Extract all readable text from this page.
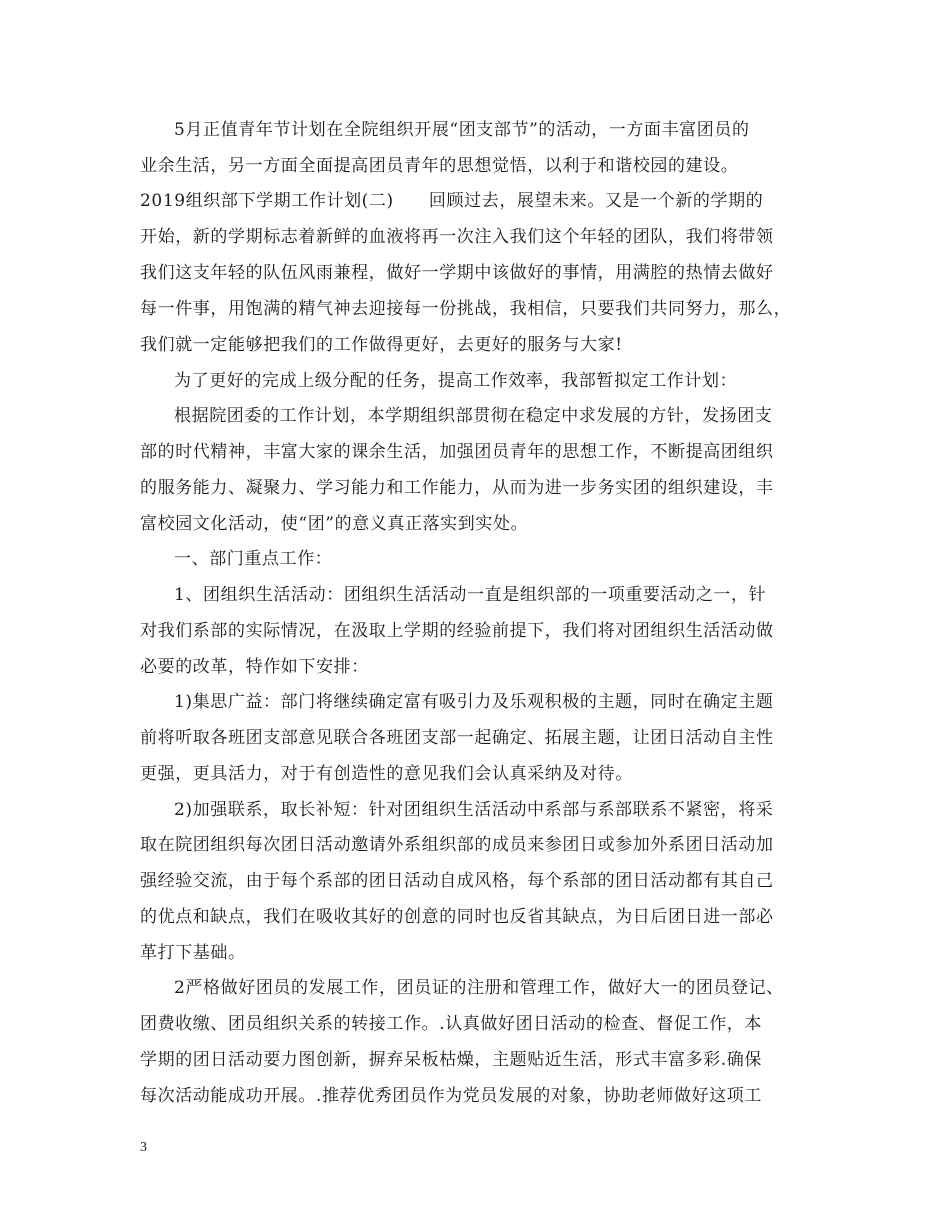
5月正值青年节计划在全院组织开展“团支部节”的活动，一方面丰富团员的
业余生活，另一方面全面提高团员青年的思想觉悟，以利于和谐校园的建设。
2019组织部下学期工作计划(二)　　回顾过去，展望未来。又是一个新的学期的
开始，新的学期标志着新鲜的血液将再一次注入我们这个年轻的团队，我们将带领
我们这支年轻的队伍风雨兼程，做好一学期中该做好的事情，用满腔的热情去做好
每一件事，用饱满的精气神去迎接每一份挑战，我相信，只要我们共同努力，那么，
我们就一定能够把我们的工作做得更好，去更好的服务与大家!
为了更好的完成上级分配的任务，提高工作效率，我部暂拟定工作计划：
根据院团委的工作计划，本学期组织部贯彻在稳定中求发展的方针，发扬团支
部的时代精神，丰富大家的课余生活，加强团员青年的思想工作，不断提高团组织
的服务能力、凝聚力、学习能力和工作能力，从而为进一步务实团的组织建设，丰
富校园文化活动，使“团”的意义真正落实到实处。
一、部门重点工作：
1、团组织生活活动：团组织生活活动一直是组织部的一项重要活动之一，针
对我们系部的实际情况，在汲取上学期的经验前提下，我们将对团组织生活活动做
必要的改革，特作如下安排：
1)集思广益：部门将继续确定富有吸引力及乐观积极的主题，同时在确定主题
前将听取各班团支部意见联合各班团支部一起确定、拓展主题，让团日活动自主性
更强，更具活力，对于有创造性的意见我们会认真采纳及对待。
2)加强联系，取长补短：针对团组织生活活动中系部与系部联系不紧密，将采
取在院团组织每次团日活动邀请外系组织部的成员来参团日或参加外系团日活动加
强经验交流，由于每个系部的团日活动自成风格，每个系部的团日活动都有其自己
的优点和缺点，我们在吸收其好的创意的同时也反省其缺点，为日后团日进一部必
革打下基础。
2严格做好团员的发展工作，团员证的注册和管理工作，做好大一的团员登记、
团费收缴、团员组织关系的转接工作。.认真做好团日活动的检查、督促工作，本
学期的团日活动要力图创新，摒弃呆板枯燥，主题贴近生活，形式丰富多彩.确保
每次活动能成功开展。.推荐优秀团员作为党员发展的对象，协助老师做好这项工
3
